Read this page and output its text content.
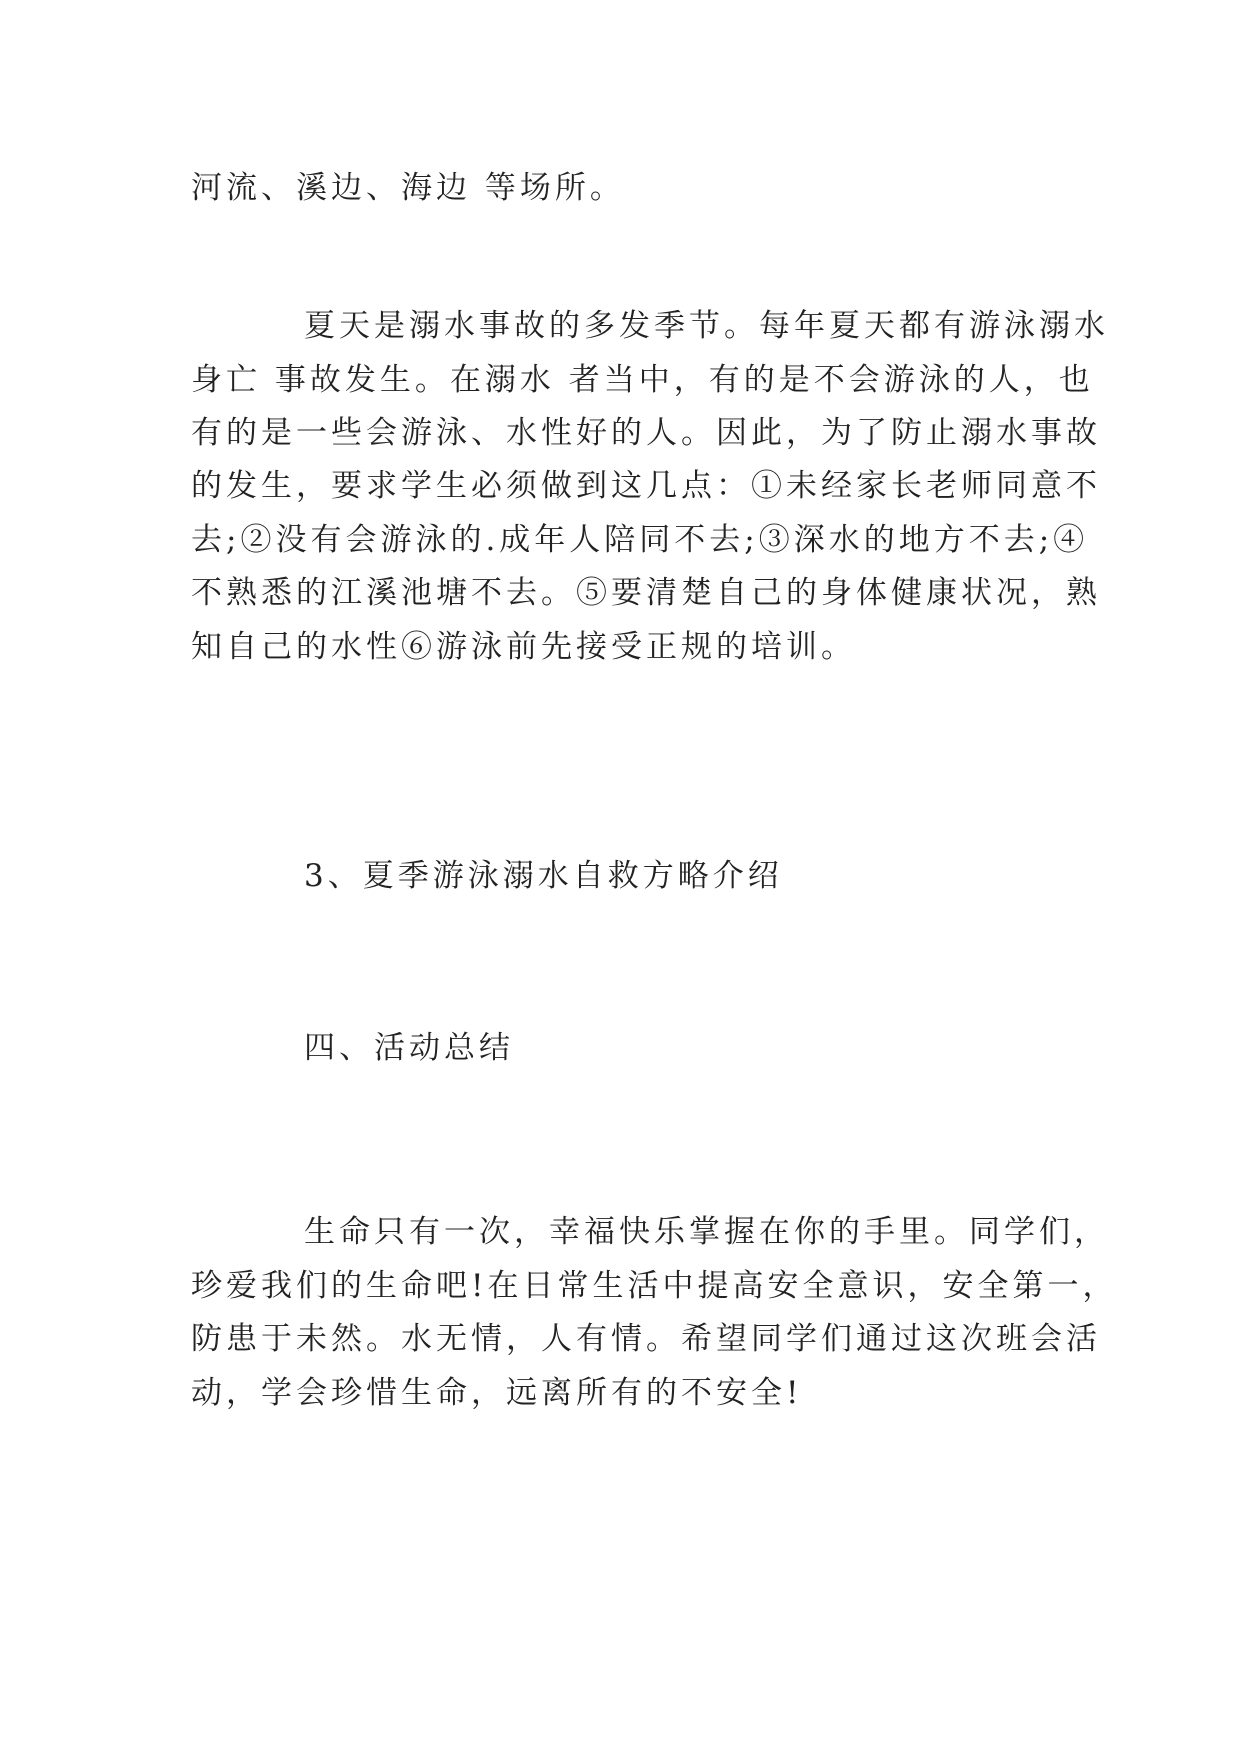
河流、溪边、海边 等场所。
夏天是溺水事故的多发季节。每年夏天都有游泳溺水
身亡 事故发生。在溺水 者当中，有的是不会游泳的人，也
有的是一些会游泳、水性好的人。因此，为了防止溺水事故
的发生，要求学生必须做到这几点：①未经家长老师同意不
去;②没有会游泳的.成年人陪同不去;③深水的地方不去;④
不熟悉的江溪池塘不去。⑤要清楚自己的身体健康状况，熟
知自己的水性⑥游泳前先接受正规的培训。
3、夏季游泳溺水自救方略介绍
四、活动总结
生命只有一次，幸福快乐掌握在你的手里。同学们，
珍爱我们的生命吧!在日常生活中提高安全意识，安全第一，
防患于未然。水无情，人有情。希望同学们通过这次班会活
动，学会珍惜生命，远离所有的不安全!
